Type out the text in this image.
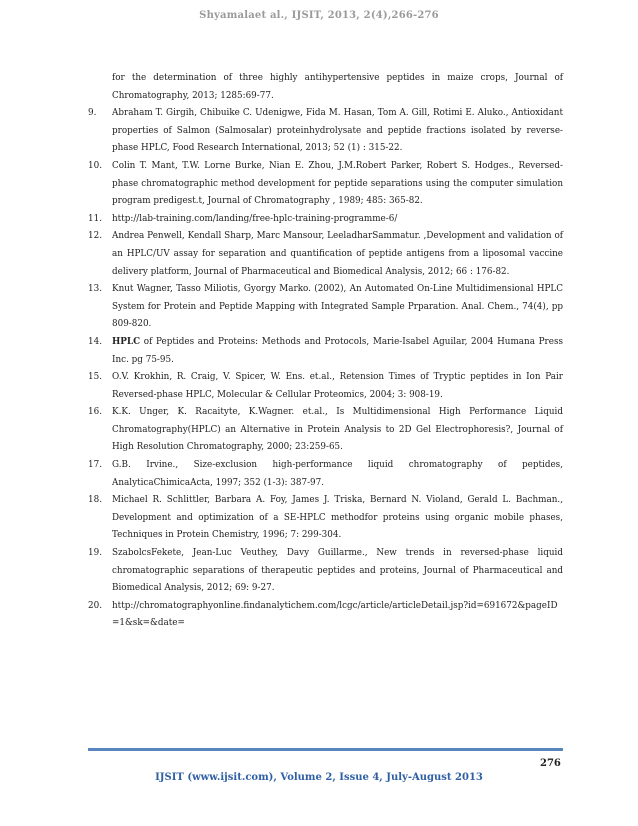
Shyamalaet al., IJSIT, 2013, 2(4),266-276
for the determination of three highly antihypertensive peptides in maize crops, Journal of Chromatography, 2013; 1285:69-77.
9. Abraham T. Girgih, Chibuike C. Udenigwe, Fida M. Hasan, Tom A. Gill, Rotimi E. Aluko., Antioxidant properties of Salmon (Salmosalar) proteinhydrolysate and peptide fractions isolated by reverse-phase HPLC, Food Research International, 2013; 52 (1) : 315-22.
10. Colin T. Mant, T.W. Lorne Burke, Nian E. Zhou, J.M.Robert Parker, Robert S. Hodges., Reversed-phase chromatographic method development for peptide separations using the computer simulation program predigest.t, Journal of Chromatography , 1989; 485: 365-82.
11. http://lab-training.com/landing/free-hplc-training-programme-6/
12. Andrea Penwell, Kendall Sharp, Marc Mansour, LeeladharSammatur. ,Development and validation of an HPLC/UV assay for separation and quantification of peptide antigens from a liposomal vaccine delivery platform, Journal of Pharmaceutical and Biomedical Analysis, 2012; 66 : 176-82.
13. Knut Wagner, Tasso Miliotis, Gyorgy Marko. (2002), An Automated On-Line Multidimensional HPLC System for Protein and Peptide Mapping with Integrated Sample Prparation. Anal. Chem., 74(4), pp 809-820.
14. HPLC of Peptides and Proteins: Methods and Protocols, Marie-Isabel Aguilar, 2004 Humana Press Inc. pg 75-95.
15. O.V. Krokhin, R. Craig, V. Spicer, W. Ens. et.al., Retension Times of Tryptic peptides in Ion Pair Reversed-phase HPLC, Molecular & Cellular Proteomics, 2004; 3: 908-19.
16. K.K. Unger, K. Racaityte, K.Wagner. et.al., Is Multidimensional High Performance Liquid Chromatography(HPLC) an Alternative in Protein Analysis to 2D Gel Electrophoresis?, Journal of High Resolution Chromatography, 2000; 23:259-65.
17. G.B. Irvine., Size-exclusion high-performance liquid chromatography of peptides, AnalyticaChimicaActa, 1997; 352 (1-3): 387-97.
18. Michael R. Schlittler, Barbara A. Foy, James J. Triska, Bernard N. Violand, Gerald L. Bachman., Development and optimization of a SE-HPLC methodfor proteins using organic mobile phases, Techniques in Protein Chemistry, 1996; 7: 299-304.
19. SzabolcsFekete, Jean-Luc Veuthey, Davy Guillarme., New trends in reversed-phase liquid chromatographic separations of therapeutic peptides and proteins, Journal of Pharmaceutical and Biomedical Analysis, 2012; 69: 9-27.
20. http://chromatographyonline.findanalytichem.com/lcgc/article/articleDetail.jsp?id=691672&pageID=1&sk=&date=
276
IJSIT (www.ijsit.com), Volume 2, Issue 4, July-August 2013
